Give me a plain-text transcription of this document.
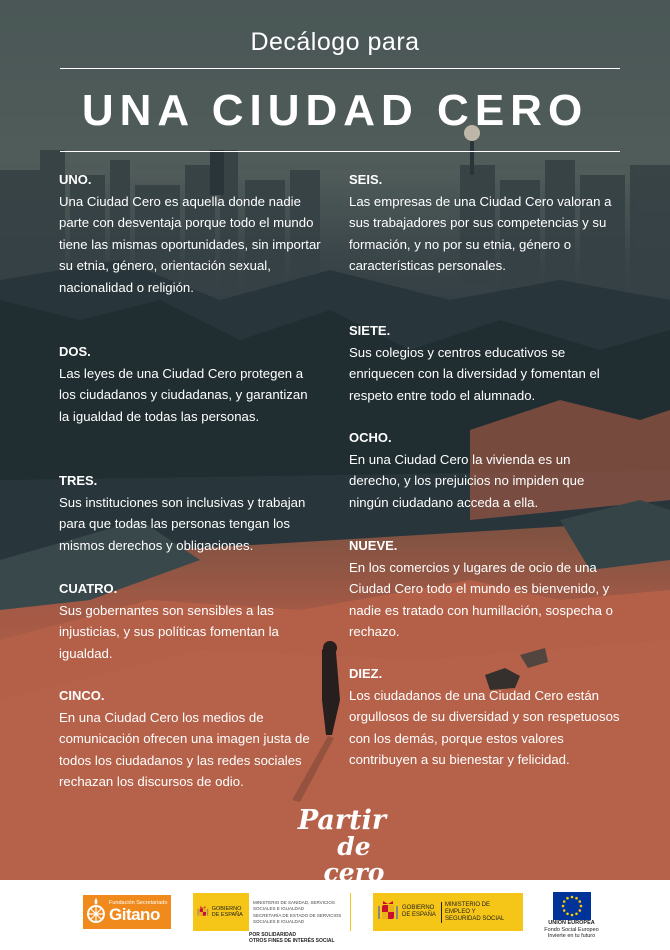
Decálogo para
UNA CIUDAD CERO
UNO.

Una Ciudad Cero es aquella donde nadie parte con desventaja porque todo el mundo tiene las mismas oportunidades, sin importar su etnia, género, orientación sexual, nacionalidad o religión.

DOS.

Las leyes de una Ciudad Cero protegen a los ciudadanos y ciudadanas, y garantizan la igualdad de todas las personas.

TRES.

Sus instituciones son inclusivas y trabajan para que todas las personas tengan los mismos derechos y obligaciones.

CUATRO.

Sus gobernantes son sensibles a las injusticias, y sus políticas fomentan la igualdad.

CINCO.

En una Ciudad Cero los medios de comunicación ofrecen una imagen justa de todos los ciudadanos y las redes sociales rechazan los discursos de odio.

SEIS.

Las empresas de una Ciudad Cero valoran a sus trabajadores por sus competencias y su formación, y no por su etnia, género o características personales.

SIETE.

Sus colegios y centros educativos se enriquecen con la diversidad y fomentan el respeto entre todo el alumnado.

OCHO.

En una Ciudad Cero la vivienda es un derecho, y los prejuicios no impiden que ningún ciudadano acceda a ella.

NUEVE.

En los comercios y lugares de ocio de una Ciudad Cero todo el mundo es bienvenido, y nadie es tratado con humillación, sospecha o rechazo.

DIEZ.

Los ciudadanos de una Ciudad Cero están orgullosos de su diversidad y son respetuosos con los demás, porque estos valores contribuyen a su bienestar y felicidad.

Partir
de cero
Fundación Secretariado
Gitano	GOBIERNO DE ESPAÑA
MINISTERIO DE SANIDAD, SERVICIOS SOCIALES E IGUALDAD
SECRETARÍA DE ESTADO DE SERVICIOS SOCIALES E IGUALDAD
POR SOLIDARIDAD
OTROS FINES DE INTERÉS SOCIAL
GOBIERNO DE ESPAÑA
MINISTERIO DE EMPLEO Y SEGURIDAD SOCIAL
UNIÓN EUROPEA
Fondo Social Europeo
Invierte en tu futuro
